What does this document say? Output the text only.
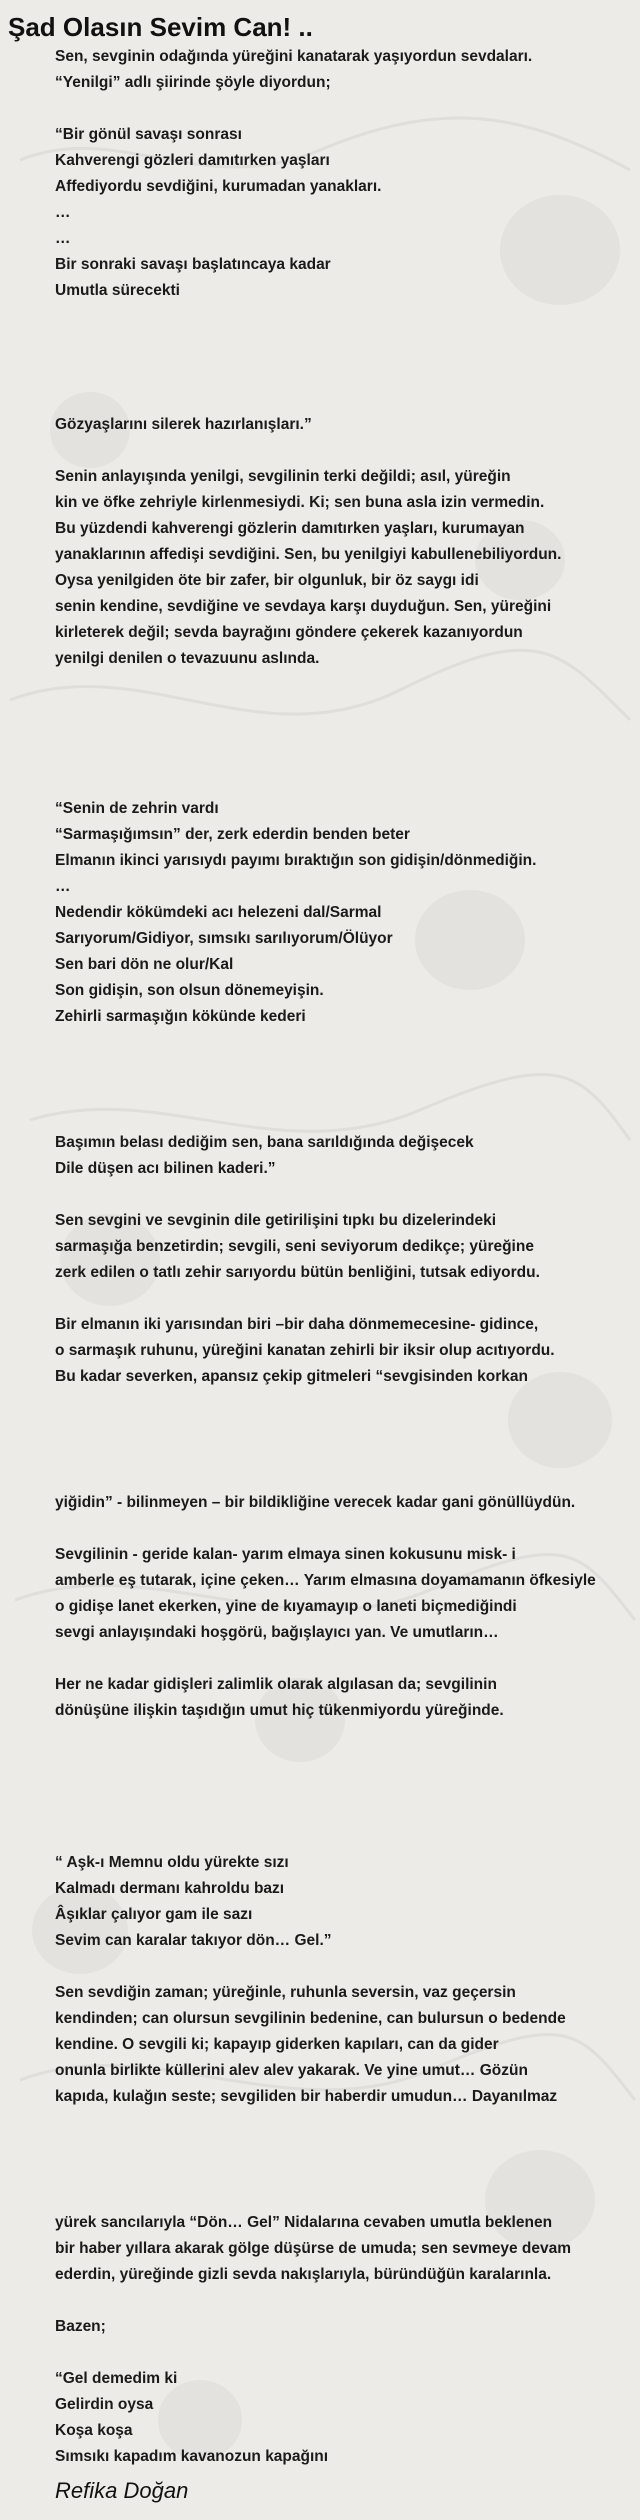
Şad Olasın Sevim Can! ..
Sen, sevginin odağında yüreğini kanatarak yaşıyordun sevdaları.
“Yenilgi” adlı şiirinde şöyle diyordun;
“Bir gönül savaşı sonrası
Kahverengi gözleri damıtırken yaşları
Affediyordu sevdiğini, kurumadan yanakları.
…
…
Bir sonraki savaşı başlatıncaya kadar
Umutla sürecekti
Gözyaşlarını silerek hazırlanışları.”
Senin anlayışında yenilgi, sevgilinin terki değildi; asıl, yüreğin
kin ve öfke zehriyle kirlenmesiydi. Ki; sen buna asla izin vermedin.
Bu yüzdendi kahverengi gözlerin damıtırken yaşları, kurumayan
yanaklarının affedişi sevdiğini. Sen, bu yenilgiyi kabullenebiliyordun.
Oysa yenilgiden öte bir zafer, bir olgunluk, bir öz saygı idi
senin kendine, sevdiğine ve sevdaya karşı duyduğun. Sen, yüreğini
kirleterek değil; sevda bayrağını göndere çekerek kazanıyordun
yenilgi denilen o tevazuunu aslında.
“Senin de zehrin vardı
“Sarmaşığımsın” der, zerk ederdin benden beter
Elmanın ikinci yarısıydı payımı bıraktığın son gidişin/dönmediğin.
…
Nedendir kökümdeki acı helezeni dal/Sarmal
Sarıyorum/Gidiyor, sımsıkı sarılıyorum/Ölüyor
Sen bari dön ne olur/Kal
Son gidişin, son olsun dönemeyişin.
Zehirli sarmaşığın kökünde kederi
Başımın belası dediğim sen, bana sarıldığında değişecek
Dile düşen acı bilinen kaderi.”
Sen sevgini ve sevginin dile getirilişini tıpkı bu dizelerindeki
sarmaşığa benzetirdin; sevgili, seni seviyorum dedikçe; yüreğine
zerk edilen o tatlı zehir sarıyordu bütün benliğini, tutsak ediyordu.
Bir elmanın iki yarısından biri –bir daha dönmemecesine- gidince,
o sarmaşık ruhunu, yüreğini kanatan zehirli bir iksir olup acıtıyordu.
Bu kadar severken, apansız çekip gitmeleri “sevgisinden korkan
yiğidin” - bilinmeyen – bir bildikliğine verecek kadar gani gönüllüydün.
Sevgilinin - geride kalan- yarım elmaya sinen kokusunu misk- i
amberle eş tutarak, içine çeken… Yarım elmasına doyamamanın öfkesiyle
o gidişe lanet ekerken, yine de kıyamayıp o laneti biçmediğindi
sevgi anlayışındaki hoşgörü, bağışlayıcı yan. Ve umutların…
Her ne kadar gidişleri zalimlik olarak algılasan da; sevgilinin
dönüşüne ilişkin taşıdığın umut hiç tükenmiyordu yüreğinde.
“ Aşk-ı Memnu oldu yürekte sızı
Kalmadı dermanı kahroldu bazı
Âşıklar çalıyor gam ile sazı
Sevim can karalar takıyor dön… Gel.”
Sen sevdiğin zaman; yüreğinle, ruhunla seversin, vaz geçersin
kendinden; can olursun sevgilinin bedenine, can bulursun o bedende
kendine. O sevgili ki; kapayıp giderken kapıları, can da gider
onunla birlikte küllerini alev alev yakarak. Ve yine umut… Gözün
kapıda, kulağın seste; sevgiliden bir haberdir umudun… Dayanılmaz
yürek sancılarıyla “Dön… Gel” Nidalarına cevaben umutla beklenen
bir haber yıllara akarak gölge düşürse de umuda; sen sevmeye devam
ederdin, yüreğinde gizli sevda nakışlarıyla, büründüğün karalarınla.
Bazen;
“Gel demedim ki
Gelirdin oysa
Koşa koşa
Sımsıkı kapadım kavanozun kapağını
Refika Doğan
